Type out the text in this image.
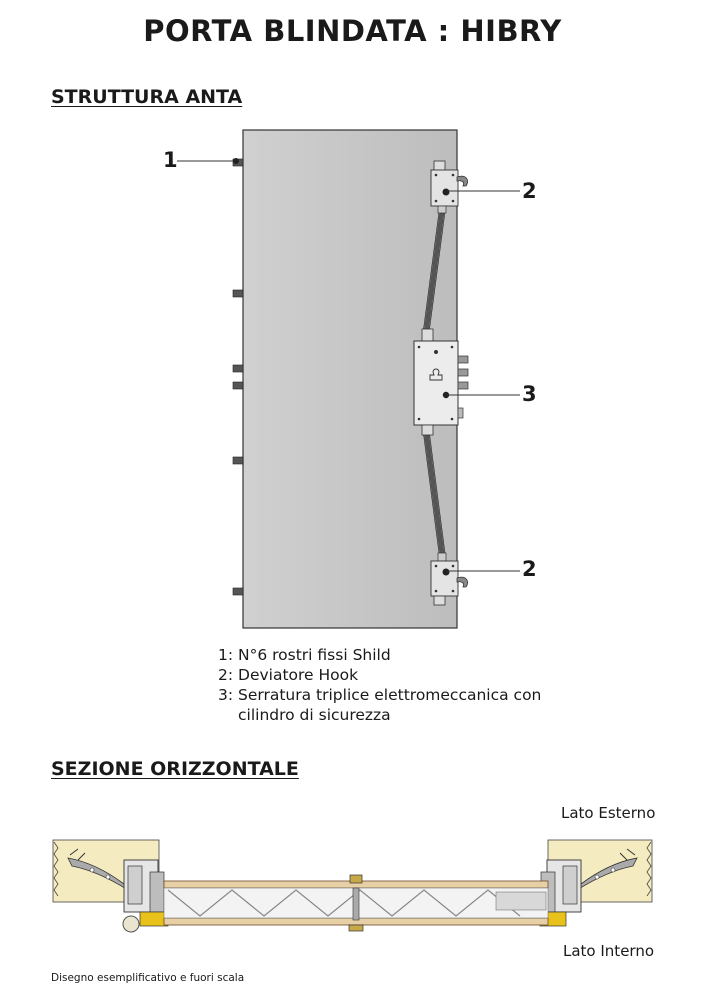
PORTA BLINDATA : HIBRY
STRUTTURA ANTA
1
2
3
2
1: N°6 rostri fissi Shild
2: Deviatore Hook
3: Serratura triplice elettromeccanica con
cilindro di sicurezza
SEZIONE ORIZZONTALE
Lato Esterno
Lato Interno
Disegno esemplificativo e fuori scala
